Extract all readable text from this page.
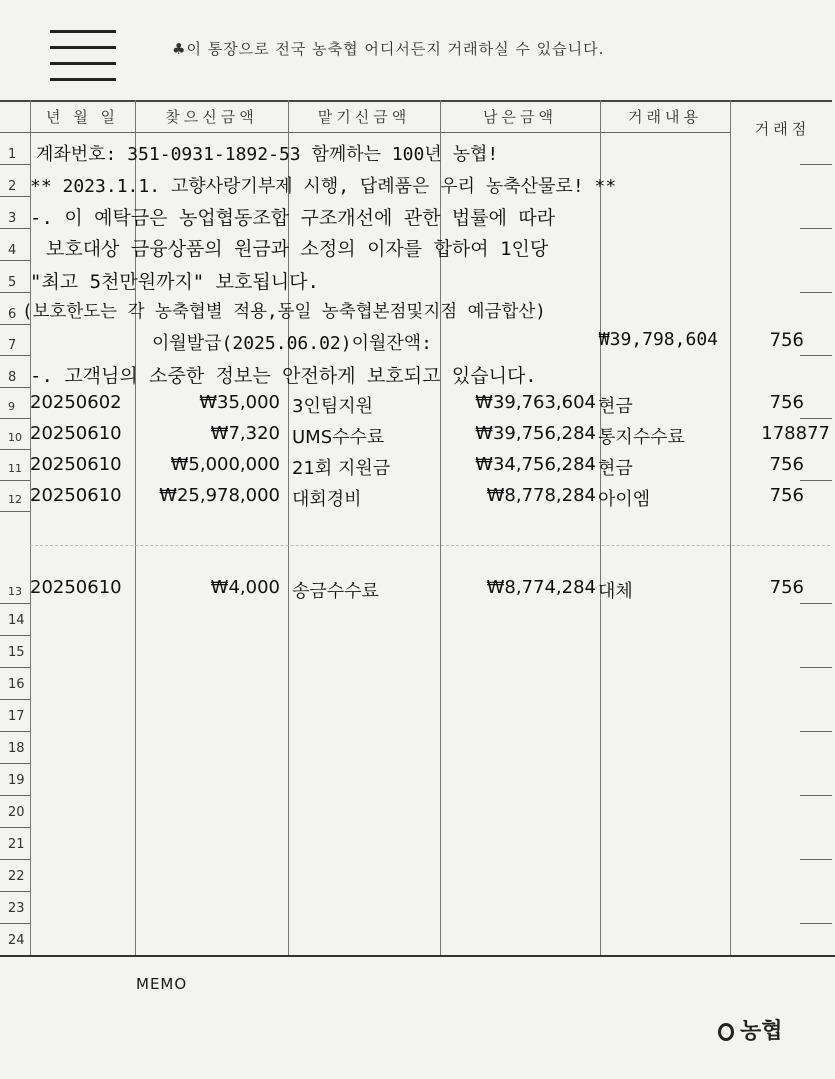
♣이 통장으로 전국 농축협 어디서든지 거래하실 수 있습니다.
년 월 일	찾으신금액	맡기신금액	남은금액	거래내용
거래점
1	계좌번호: 351-0931-1892-53 함께하는 100년 농협!
2 ** 2023.1.1. 고향사랑기부제 시행, 답례품은 우리 농축산물로! **
3 -. 이 예탁금은 농업협동조합 구조개선에 관한 법률에 따라
4	보호대상 금융상품의 원금과 소정의 이자를 합하여 1인당
5 "최고 5천만원까지" 보호됩니다.
6 (보호한도는 각 농축협별 적용,동일 농축협본점및지점 예금합산)
7	이월발급(2025.06.02)이월잔액:	₩39,798,604	756
8 -. 고객님의 소중한 정보는 안전하게 보호되고 있습니다.
9 20250602	₩35,000 3인팀지원	₩39,763,604 현금	756
10 20250610	₩7,320 UMS수수료	₩39,756,284 통지수수료	178877
11 20250610	₩5,000,000 21회 지원금	₩34,756,284 현금	756
12 20250610	₩25,978,000 대회경비	₩8,778,284 아이엠	756
13 20250610	₩4,000 송금수수료	₩8,774,284 대체	756
14
15
16
17
18
19
20
21
22
23
24
MEMO
농협
